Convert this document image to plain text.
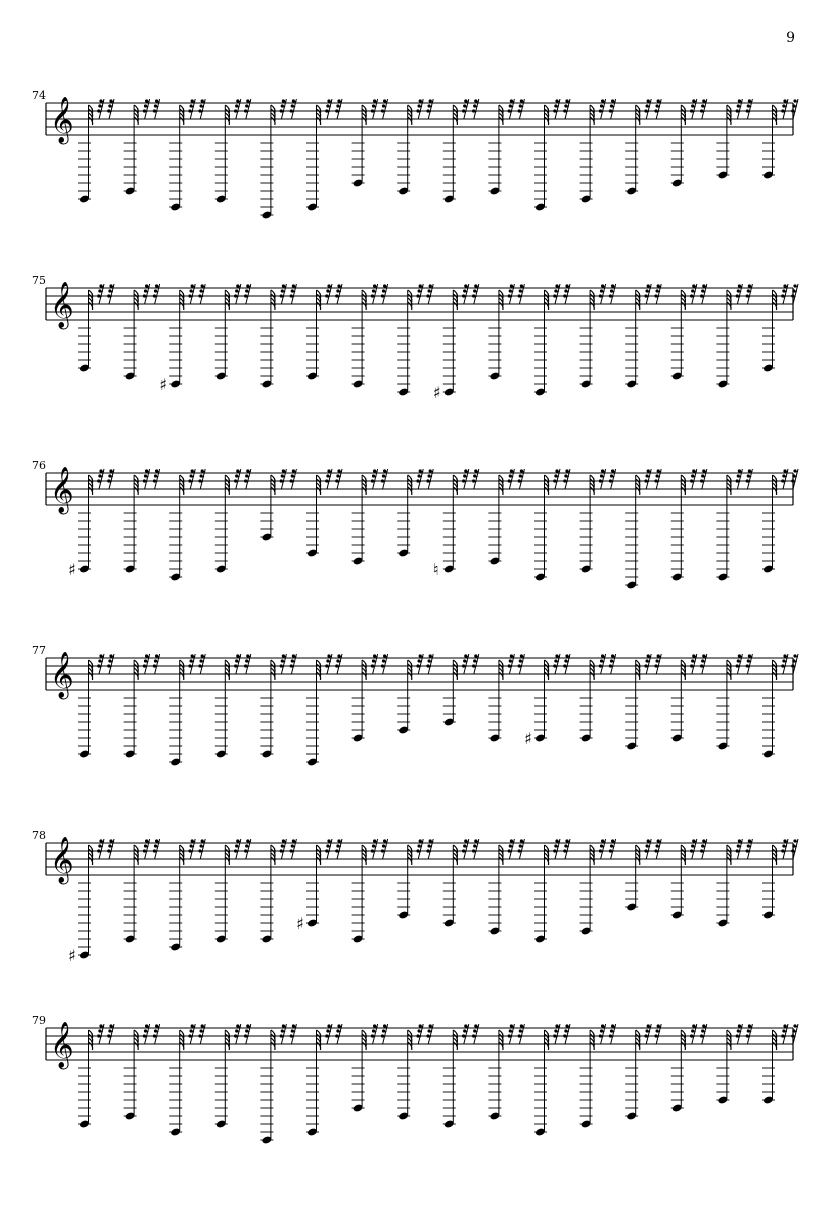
9
74
𝄞
75
𝄞
♯	♯
76
𝄞
♯	♮
77
𝄞
♯
78
𝄞
♯
♯
79
𝄞
